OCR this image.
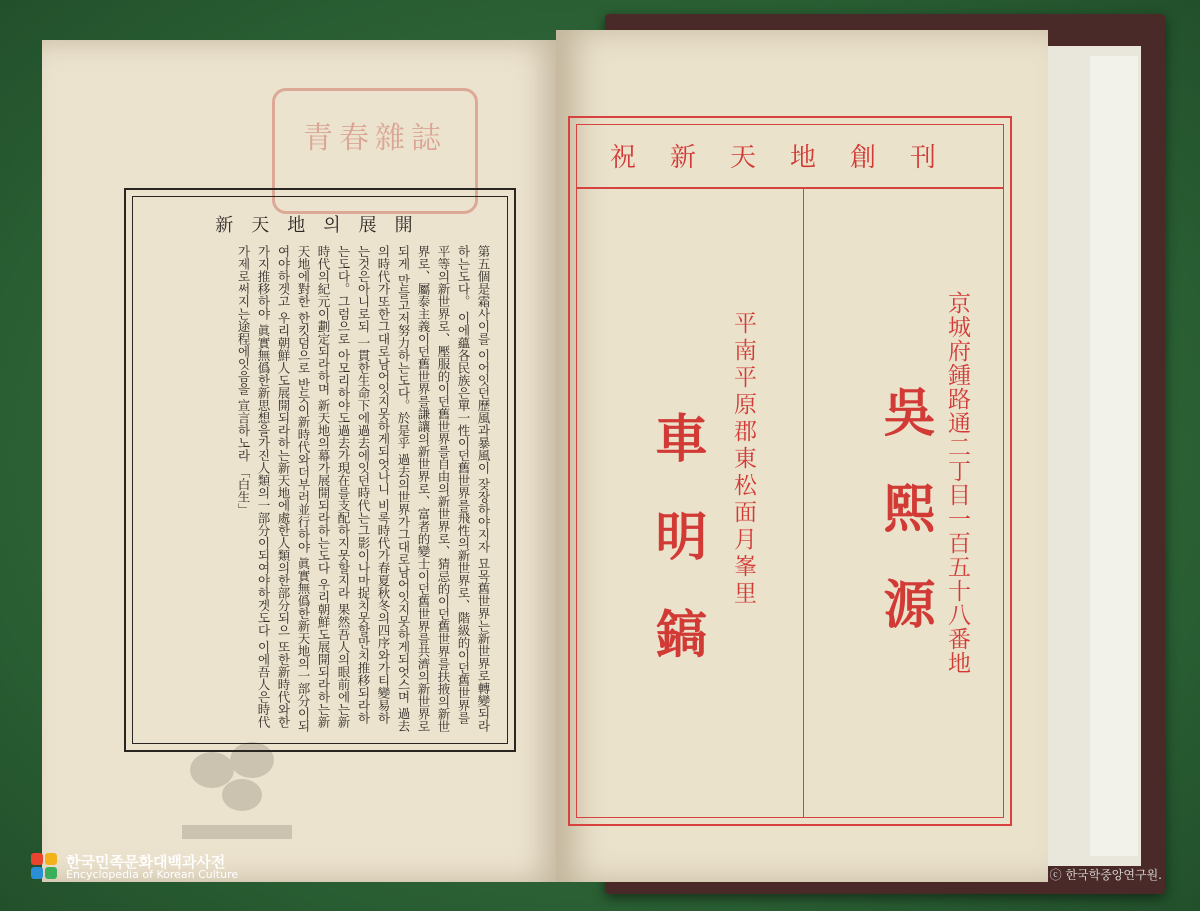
青春雜誌
新天地의展開
第五個是霜사이를 이어잇던歷風과暴風이 잦장하야지자 묘목舊世界는新世界로轉變되라하는도다。 이에蘊各民族은單一性이던舊世界를飛性의新世界로、階級的이던舊世界를平等의新世界로、壓服的이던舊世界를自由의新世界로、猜忌的이던舊世界를扶掖의新世界로、屬泰主義이던舊世界를謙讓의新世界로、富者的變士이던舊世界를共濟의新世界로되게 만들고저努力하는도다。於是乎 過去의世界가그대로남어잇지못하게되엇스며 過去의時代가또한그대로남어잇지못하게되엇나니 비록時代가春夏秋冬의四序와가티變易하는것은아니로되 一貫한生命下에過去에잇던時代는그影이나마捉치못할만치推移되라하는도다。그럼으로 아모리하야도過去가現在를支配하지못할지라 果然吾人의眼前에는新時代의紀元이劃定되라하며 新天地의幕가展開되라하는도다 우리朝鮮도展開되라하는新天地에對한 한킷덤으로 반듯이新時代와더부러並行하야 眞實無僞한新天地의一部分이되여야하겟고 우리朝鮮人도展開되라하는新天地에處한人類의한部分되으 또한新時代와한가지推移하야 眞實無僞한新思想을가진人類의一部分이되여야하겟도다 이에吾人은時代가제로써지는途程에잇음을 宣言하노라 「白生」
祝新天地創刊
京城府鍾路通二丁目一百五十八番地
吳熙源
平南平原郡東松面月峯里
車明鎬
한국민족문화대백과사전
Encyclopedia of Korean Culture	ⓒ 한국학중앙연구원.
